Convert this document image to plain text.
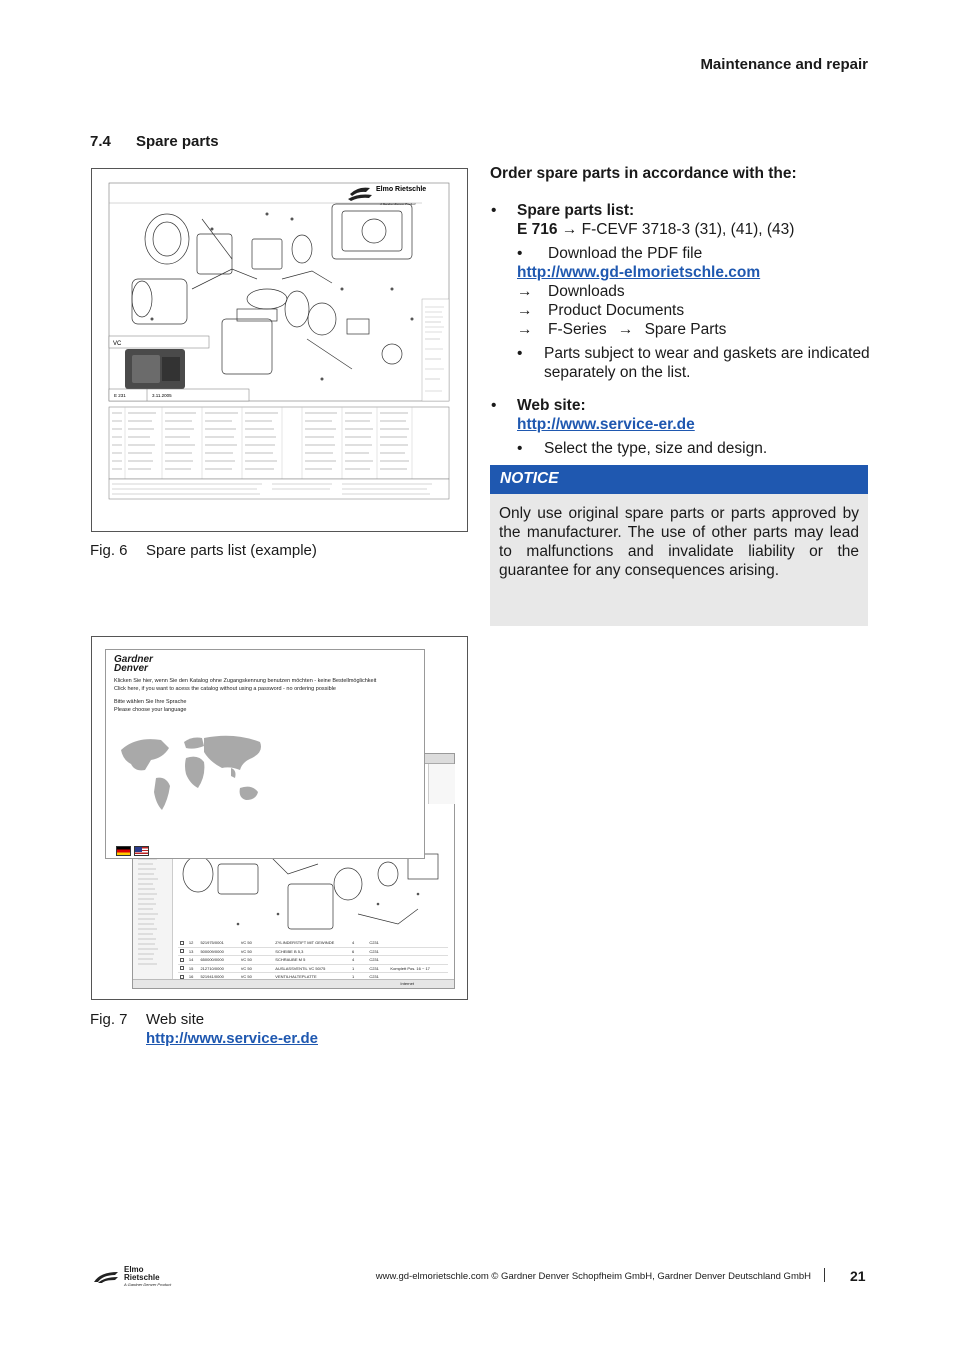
Maintenance and repair
7.4 Spare parts
Elmo Rietschle
A Gardner Denver Product
VC
E 231	3.11.2005
Fig. 6 Spare parts list (example)
12	521975/0001	VC 50	ZYLINDERSTIFT MIT GEWINDE	4	C231
13	500009/0000	VC 50	SCHEIBE B 5,3	6	C231
14	650000/0000	VC 50	SCHRAUBE M 5	4	C231
15	212710/0000	VC 50	AUSLASSVENTIL VC 50/75	1	C231	Komplett Pos. 16 ~ 17
16	521941/0000	VC 50	VENTILHALTEPLATTE	1	C231
Internet
Gardner Denver
Klicken Sie hier, wenn Sie den Katalog ohne Zugangskennung benutzen möchten - keine Bestellmöglichkeit
Click here, if you want to acess the catalog without using a password - no ordering possible
Bitte wählen Sie Ihre Sprache
Please choose your language
Fig. 7 Web site
http://www.service-er.de
Order spare parts in accordance with the:
• Spare parts list:
E 716 → F-CEVF 3718-3 (31), (41), (43)
• Download the PDF file
http://www.gd-elmorietschle.com
→	Downloads
→	Product Documents
→	F-Series → Spare Parts
• Parts subject to wear and gaskets are indicated separately on the list.
• Web site:
http://www.service-er.de
• Select the type, size and design.
NOTICE
Only use original spare parts or parts approved by the manufacturer. The use of other parts may lead to malfunctions and invalidate liability or the guarantee for any consequences arising.
Elmo
Rietschle
A Gardner Denver Product
www.gd-elmorietschle.com © Gardner Denver Schopfheim GmbH, Gardner Denver Deutschland GmbH	21
